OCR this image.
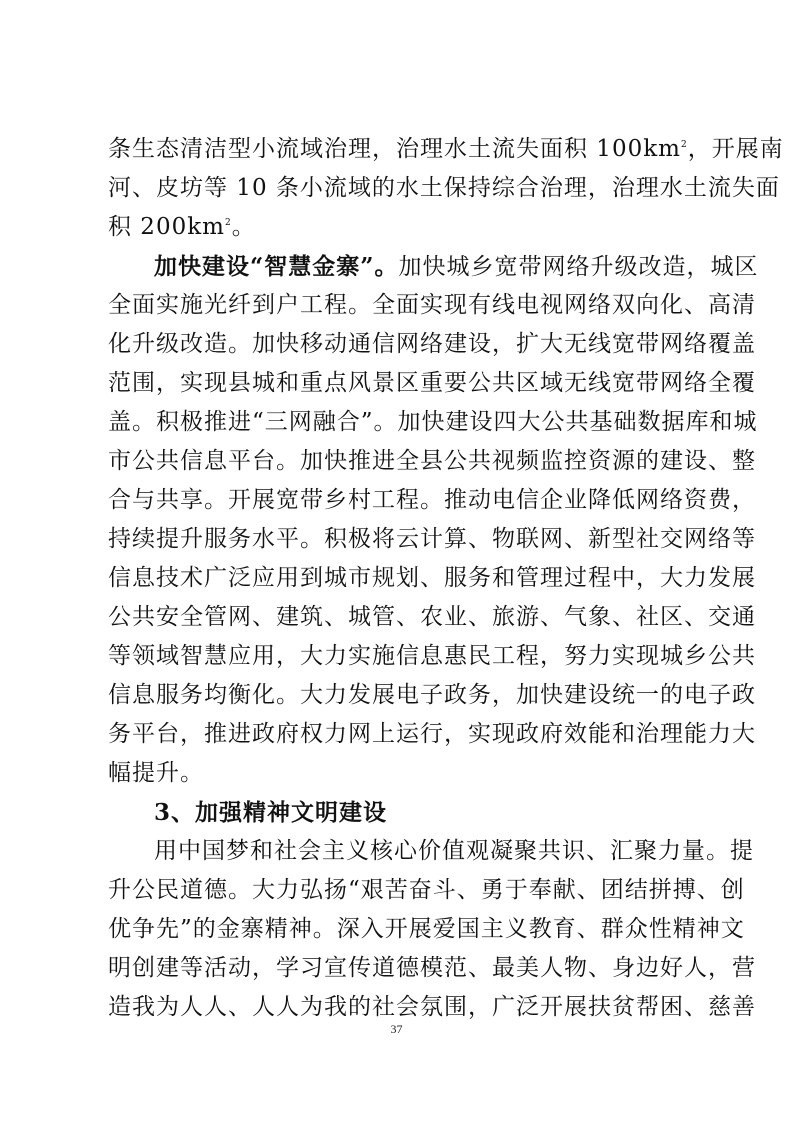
条生态清洁型小流域治理，治理水土流失面积 $100km^2$，开展南
河、皮坊等 10 条小流域的水土保持综合治理，治理水土流失面
积 $200km^2$。
加快建设“智慧金寨”。加快城乡宽带网络升级改造，城区
全面实施光纤到户工程。全面实现有线电视网络双向化、高清
化升级改造。加快移动通信网络建设，扩大无线宽带网络覆盖
范围，实现县城和重点风景区重要公共区域无线宽带网络全覆
盖。积极推进“三网融合”。加快建设四大公共基础数据库和城
市公共信息平台。加快推进全县公共视频监控资源的建设、整
合与共享。开展宽带乡村工程。推动电信企业降低网络资费，
持续提升服务水平。积极将云计算、物联网、新型社交网络等
信息技术广泛应用到城市规划、服务和管理过程中，大力发展
公共安全管网、建筑、城管、农业、旅游、气象、社区、交通
等领域智慧应用，大力实施信息惠民工程，努力实现城乡公共
信息服务均衡化。大力发展电子政务，加快建设统一的电子政
务平台，推进政府权力网上运行，实现政府效能和治理能力大
幅提升。
3、加强精神文明建设
用中国梦和社会主义核心价值观凝聚共识、汇聚力量。提
升公民道德。大力弘扬“艰苦奋斗、勇于奉献、团结拼搏、创
优争先”的金寨精神。深入开展爱国主义教育、群众性精神文
明创建等活动，学习宣传道德模范、最美人物、身边好人，营
造我为人人、人人为我的社会氛围，广泛开展扶贫帮困、慈善
37
